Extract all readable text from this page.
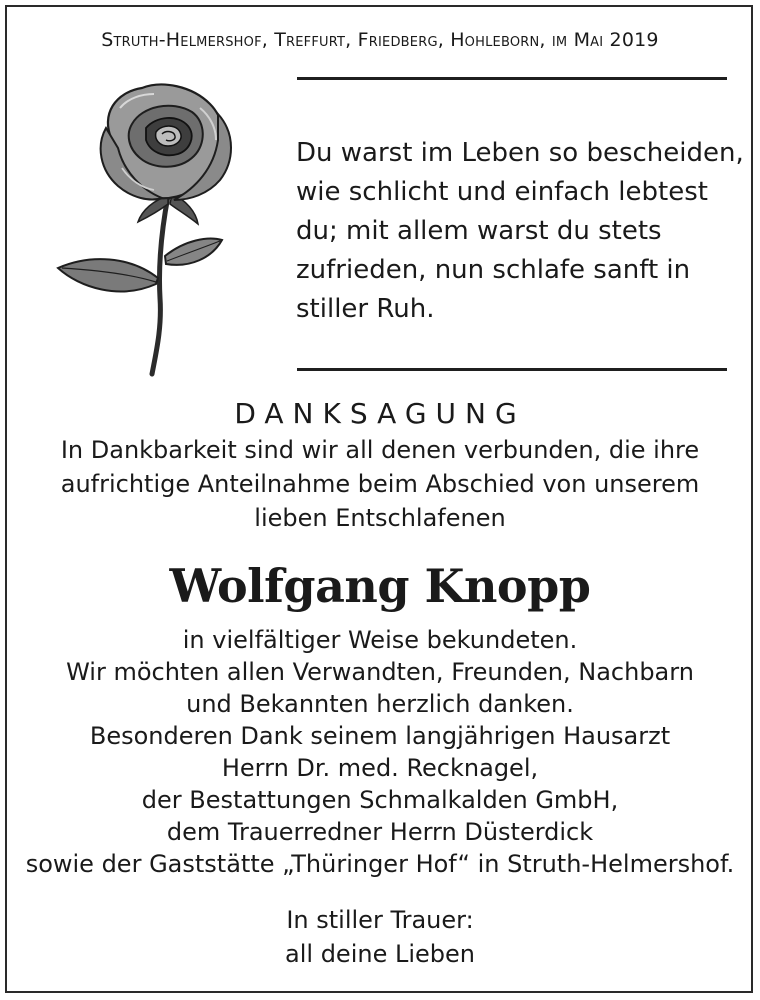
Struth-Helmershof, Treffurt, Friedberg, Hohleborn, im Mai 2019
Du warst im Leben so bescheiden,
wie schlicht und einfach lebtest
du; mit allem warst du stets
zufrieden, nun schlafe sanft in
stiller Ruh.
DANKSAGUNG
In Dankbarkeit sind wir all denen verbunden, die ihre
aufrichtige Anteilnahme beim Abschied von unserem
lieben Entschlafenen
Wolfgang Knopp
in vielfältiger Weise bekundeten.
Wir möchten allen Verwandten, Freunden, Nachbarn
und Bekannten herzlich danken.
Besonderen Dank seinem langjährigen Hausarzt
Herrn Dr. med. Recknagel,
der Bestattungen Schmalkalden GmbH,
dem Trauerredner Herrn Düsterdick
sowie der Gaststätte „Thüringer Hof“ in Struth-Helmershof.
In stiller Trauer:
all deine Lieben
